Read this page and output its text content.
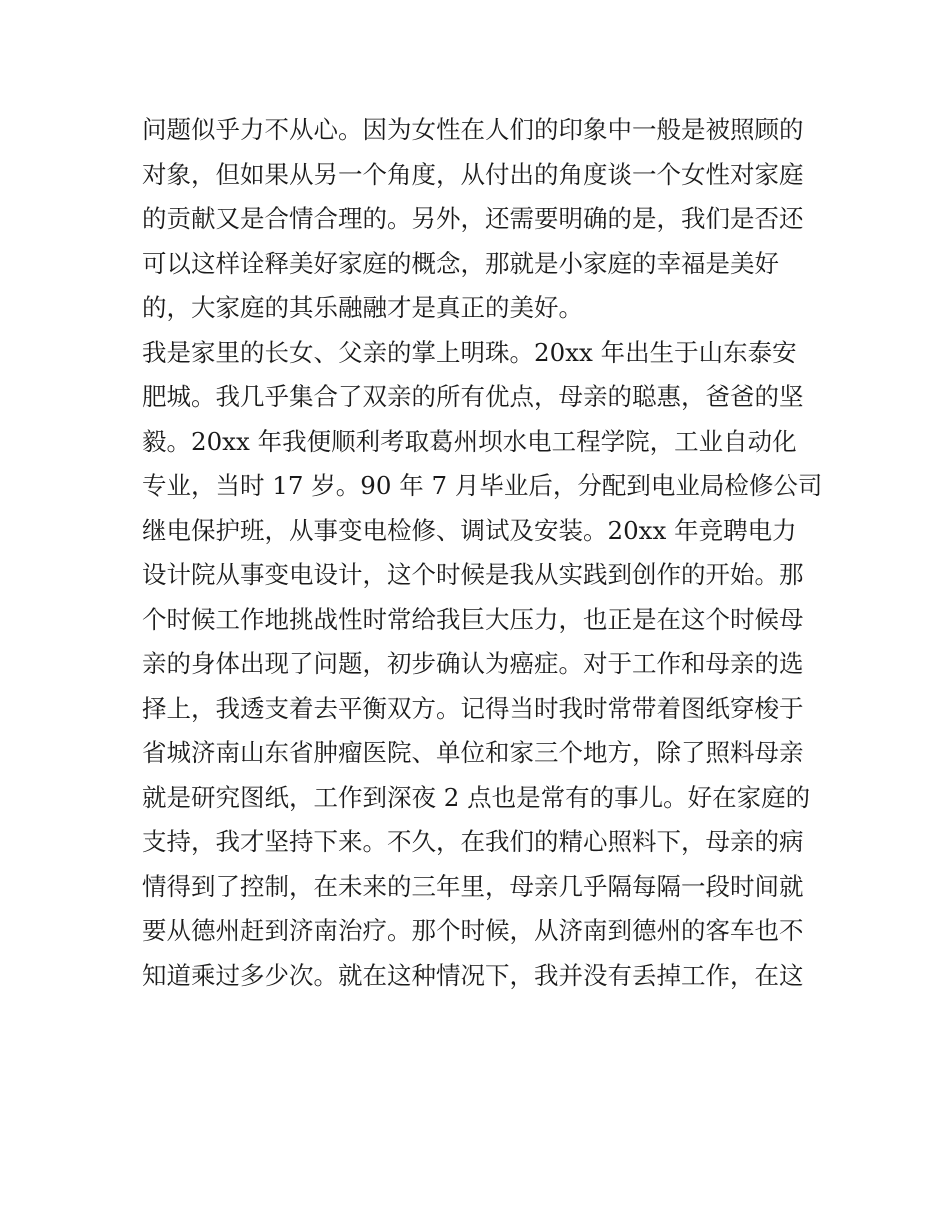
问题似乎力不从心。因为女性在人们的印象中一般是被照顾的
对象，但如果从另一个角度，从付出的角度谈一个女性对家庭
的贡献又是合情合理的。另外，还需要明确的是，我们是否还
可以这样诠释美好家庭的概念，那就是小家庭的幸福是美好
的，大家庭的其乐融融才是真正的美好。
我是家里的长女、父亲的掌上明珠。20xx 年出生于山东泰安
肥城。我几乎集合了双亲的所有优点，母亲的聪惠，爸爸的坚
毅。20xx 年我便顺利考取葛州坝水电工程学院，工业自动化
专业，当时 17 岁。90 年 7 月毕业后，分配到电业局检修公司
继电保护班，从事变电检修、调试及安装。20xx 年竞聘电力
设计院从事变电设计，这个时候是我从实践到创作的开始。那
个时候工作地挑战性时常给我巨大压力，也正是在这个时候母
亲的身体出现了问题，初步确认为癌症。对于工作和母亲的选
择上，我透支着去平衡双方。记得当时我时常带着图纸穿梭于
省城济南山东省肿瘤医院、单位和家三个地方，除了照料母亲
就是研究图纸，工作到深夜 2 点也是常有的事儿。好在家庭的
支持，我才坚持下来。不久，在我们的精心照料下，母亲的病
情得到了控制，在未来的三年里，母亲几乎隔每隔一段时间就
要从德州赶到济南治疗。那个时候，从济南到德州的客车也不
知道乘过多少次。就在这种情况下，我并没有丢掉工作，在这
